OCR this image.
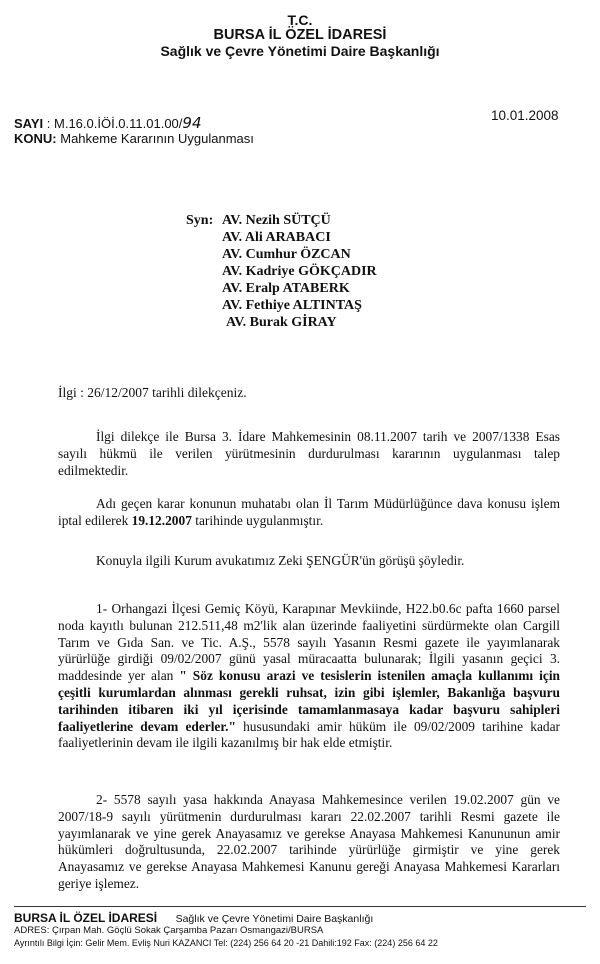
T.C.
BURSA İL ÖZEL İDARESİ
Sağlık ve Çevre Yönetimi Daire Başkanlığı
SAYI : M.16.0.İÖİ.0.11.01.00/94	10.01.2008
KONU: Mahkeme Kararının Uygulanması
Syn: AV. Nezih SÜTÇÜ
AV. Ali ARABACI
AV. Cumhur ÖZCAN
AV. Kadriye GÖKÇADIR
AV. Eralp ATABERK
AV. Fethiye ALTINTAŞ
AV. Burak GİRAY
İlgi : 26/12/2007 tarihli dilekçeniz.
İlgi dilekçe ile Bursa 3. İdare Mahkemesinin 08.11.2007 tarih ve 2007/1338 Esas sayılı hükmü ile verilen yürütmesinin durdurulması kararının uygulanması talep edilmektedir.
Adı geçen karar konunun muhatabı olan İl Tarım Müdürlüğünce dava konusu işlem iptal edilerek 19.12.2007 tarihinde uygulanmıştır.
Konuyla ilgili Kurum avukatımız Zeki ŞENGÜR'ün görüşü şöyledir.
1- Orhangazi İlçesi Gemiç Köyü, Karapınar Mevkiinde, H22.b0.6c pafta 1660 parsel noda kayıtlı bulunan 212.511,48 m2'lik alan üzerinde faaliyetini sürdürmekte olan Cargill Tarım ve Gıda San. ve Tic. A.Ş., 5578 sayılı Yasanın Resmi gazete ile yayımlanarak yürürlüğe girdiği 09/02/2007 günü yasal müracaatta bulunarak; İlgili yasanın geçici 3. maddesinde yer alan " Söz konusu arazi ve tesislerin istenilen amaçla kullanımı için çeşitli kurumlardan alınması gerekli ruhsat, izin gibi işlemler, Bakanlığa başvuru tarihinden itibaren iki yıl içerisinde tamamlanmasaya kadar başvuru sahipleri faaliyetlerine devam ederler." hususundaki amir hüküm ile 09/02/2009 tarihine kadar faaliyetlerinin devam ile ilgili kazanılmış bir hak elde etmiştir.
2- 5578 sayılı yasa hakkında Anayasa Mahkemesince verilen 19.02.2007 gün ve 2007/18-9 sayılı yürütmenin durdurulması kararı 22.02.2007 tarihli Resmi gazete ile yayımlanarak ve yine gerek Anayasamız ve gerekse Anayasa Mahkemesi Kanununun amir hükümleri doğrultusunda, 22.02.2007 tarihinde yürürlüğe girmiştir ve yine gerek Anayasamız ve gerekse Anayasa Mahkemesi Kanunu gereği Anayasa Mahkemesi Kararları geriye işlemez.
BURSA İL ÖZEL İDARESİ Sağlık ve Çevre Yönetimi Daire Başkanlığı
ADRES: Çırpan Mah. Göçlü Sokak Çarşamba Pazarı Osmangazi/BURSA
Ayrıntılı Bilgi İçin: Gelir Mem. Evliş Nuri KAZANCI Tel: (224) 256 64 20 -21 Dahili:192 Fax: (224) 256 64 22
